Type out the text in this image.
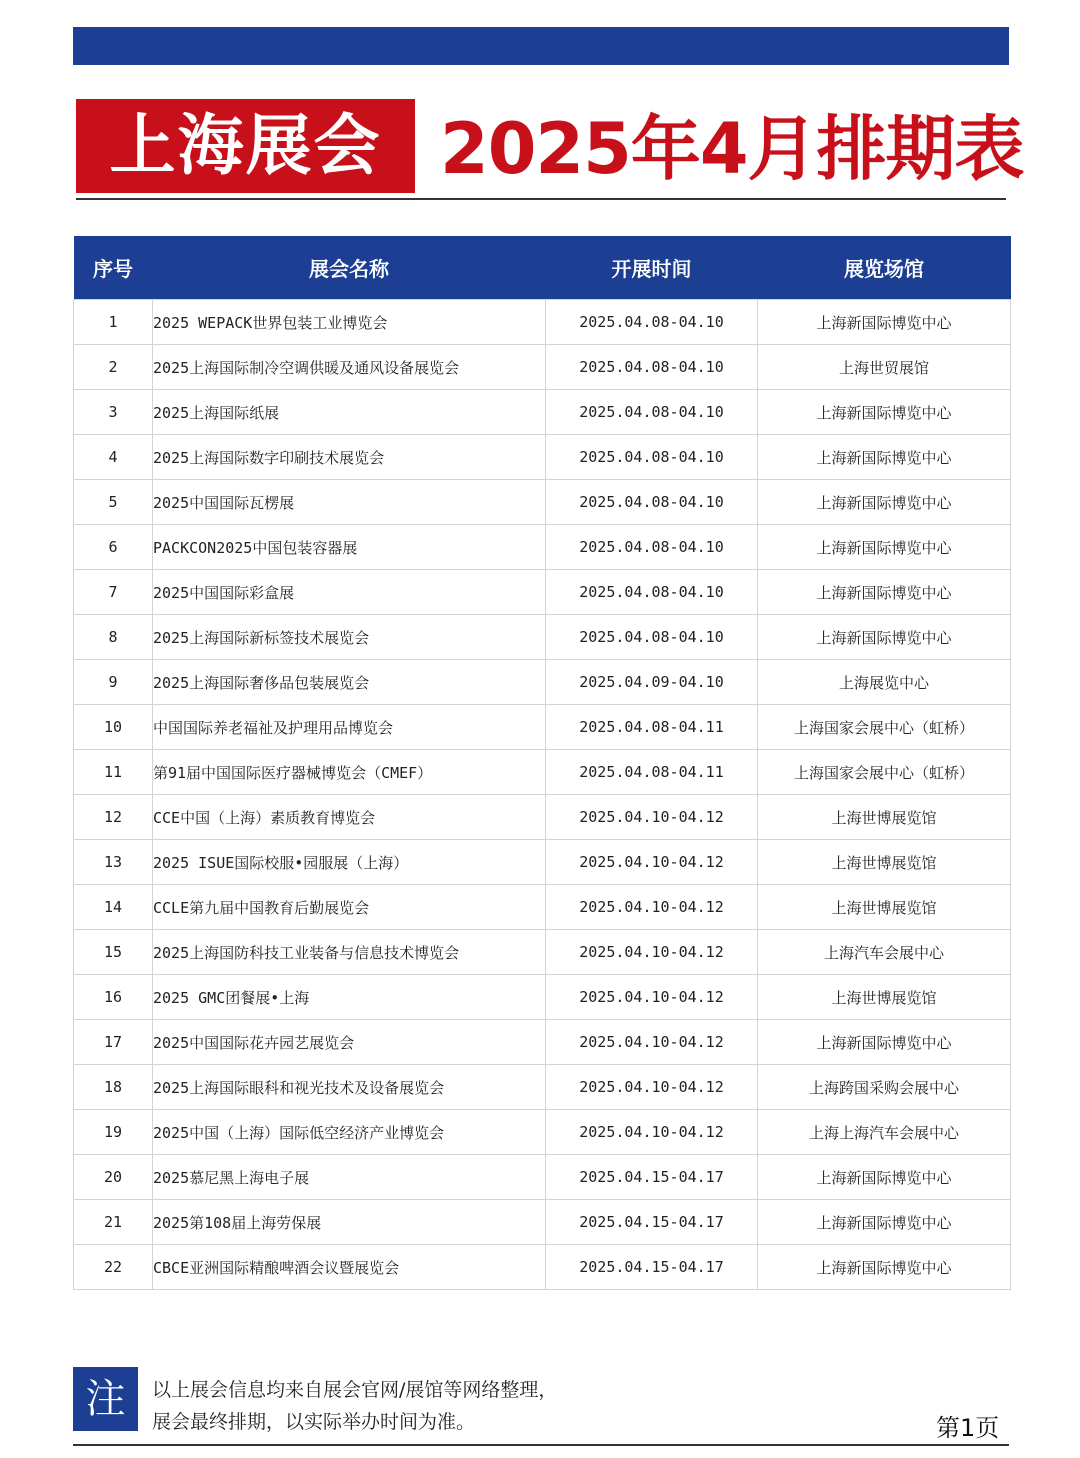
上海展会 2025年4月排期表
序号	展会名称	开展时间	展览场馆
1	2025 WEPACK世界包装工业博览会	2025.04.08-04.10	上海新国际博览中心
2	2025上海国际制冷空调供暖及通风设备展览会	2025.04.08-04.10	上海世贸展馆
3	2025上海国际纸展	2025.04.08-04.10	上海新国际博览中心
4	2025上海国际数字印刷技术展览会	2025.04.08-04.10	上海新国际博览中心
5	2025中国国际瓦楞展	2025.04.08-04.10	上海新国际博览中心
6	PACKCON2025中国包装容器展	2025.04.08-04.10	上海新国际博览中心
7	2025中国国际彩盒展	2025.04.08-04.10	上海新国际博览中心
8	2025上海国际新标签技术展览会	2025.04.08-04.10	上海新国际博览中心
9	2025上海国际奢侈品包装展览会	2025.04.09-04.10	上海展览中心
10	中国国际养老福祉及护理用品博览会	2025.04.08-04.11	上海国家会展中心（虹桥）
11	第91届中国国际医疗器械博览会（CMEF）	2025.04.08-04.11	上海国家会展中心（虹桥）
12	CCE中国（上海）素质教育博览会	2025.04.10-04.12	上海世博展览馆
13	2025 ISUE国际校服•园服展（上海）	2025.04.10-04.12	上海世博展览馆
14	CCLE第九届中国教育后勤展览会	2025.04.10-04.12	上海世博展览馆
15	2025上海国防科技工业装备与信息技术博览会	2025.04.10-04.12	上海汽车会展中心
16	2025 GMC团餐展•上海	2025.04.10-04.12	上海世博展览馆
17	2025中国国际花卉园艺展览会	2025.04.10-04.12	上海新国际博览中心
18	2025上海国际眼科和视光技术及设备展览会	2025.04.10-04.12	上海跨国采购会展中心
19	2025中国（上海）国际低空经济产业博览会	2025.04.10-04.12	上海上海汽车会展中心
20	2025慕尼黑上海电子展	2025.04.15-04.17	上海新国际博览中心
21	2025第108届上海劳保展	2025.04.15-04.17	上海新国际博览中心
22	CBCE亚洲国际精酿啤酒会议暨展览会	2025.04.15-04.17	上海新国际博览中心
注	以上展会信息均来自展会官网/展馆等网络整理，
展会最终排期，以实际举办时间为准。	第1页
